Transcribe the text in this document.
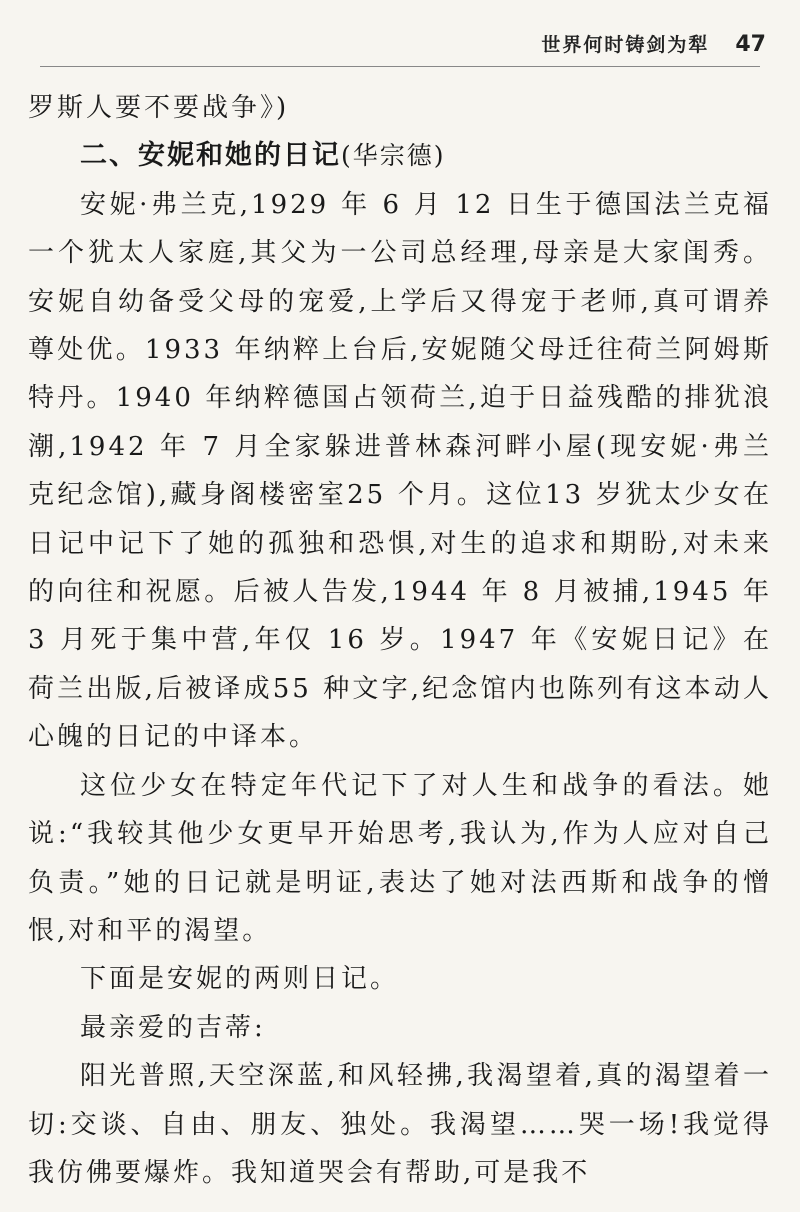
世界何时铸剑为犁 47

罗斯人要不要战争》)

二、安妮和她的日记(华宗德)

安妮·弗兰克,1929 年 6 月 12 日生于德国法兰克福一个犹太人家庭,其父为一公司总经理,母亲是大家闺秀。安妮自幼备受父母的宠爱,上学后又得宠于老师,真可谓养尊处优。1933 年纳粹上台后,安妮随父母迁往荷兰阿姆斯特丹。1940 年纳粹德国占领荷兰,迫于日益残酷的排犹浪潮,1942 年 7 月全家躲进普林森河畔小屋(现安妮·弗兰克纪念馆),藏身阁楼密室25 个月。这位13 岁犹太少女在日记中记下了她的孤独和恐惧,对生的追求和期盼,对未来的向往和祝愿。后被人告发,1944 年 8 月被捕,1945 年 3 月死于集中营,年仅 16 岁。1947 年《安妮日记》在荷兰出版,后被译成55 种文字,纪念馆内也陈列有这本动人心魄的日记的中译本。

这位少女在特定年代记下了对人生和战争的看法。她说:“我较其他少女更早开始思考,我认为,作为人应对自己负责。”她的日记就是明证,表达了她对法西斯和战争的憎恨,对和平的渴望。

下面是安妮的两则日记。

最亲爱的吉蒂:

阳光普照,天空深蓝,和风轻拂,我渴望着,真的渴望着一切:交谈、自由、朋友、独处。我渴望……哭一场!我觉得我仿佛要爆炸。我知道哭会有帮助,可是我不
